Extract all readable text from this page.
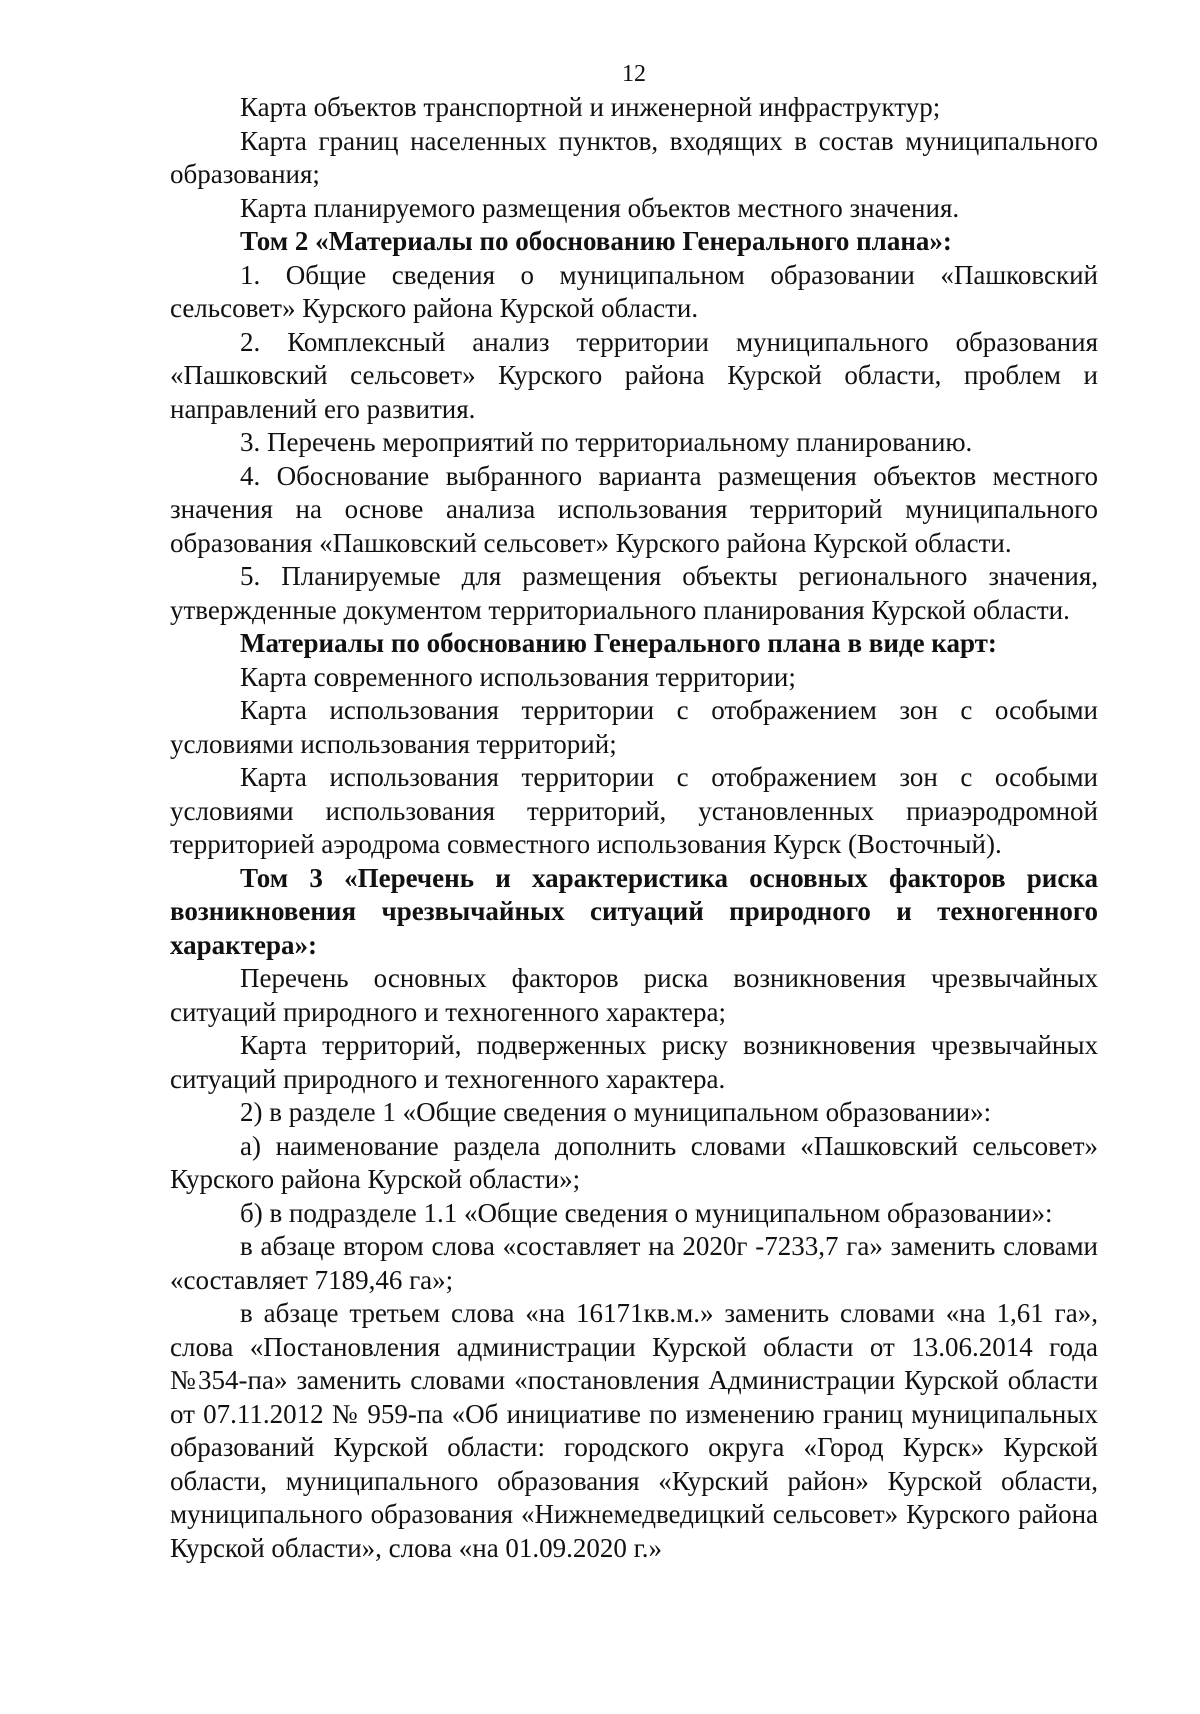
12

Карта объектов транспортной и инженерной инфраструктур;

Карта границ населенных пунктов, входящих в состав муниципального образования;

Карта планируемого размещения объектов местного значения.

Том 2 «Материалы по обоснованию Генерального плана»:

1. Общие сведения о муниципальном образовании «Пашковский сельсовет» Курского района Курской области.

2. Комплексный анализ территории муниципального образования «Пашковский сельсовет» Курского района Курской области, проблем и направлений его развития.

3. Перечень мероприятий по территориальному планированию.

4. Обоснование выбранного варианта размещения объектов местного значения на основе анализа использования территорий муниципального образования «Пашковский сельсовет» Курского района Курской области.

5. Планируемые для размещения объекты регионального значения, утвержденные документом территориального планирования Курской области.

Материалы по обоснованию Генерального плана в виде карт:

Карта современного использования территории;

Карта использования территории с отображением зон с особыми условиями использования территорий;

Карта использования территории с отображением зон с особыми условиями использования территорий, установленных приаэродромной территорией аэродрома совместного использования Курск (Восточный).

Том 3 «Перечень и характеристика основных факторов риска возникновения чрезвычайных ситуаций природного и техногенного характера»:

Перечень основных факторов риска возникновения чрезвычайных ситуаций природного и техногенного характера;

Карта территорий, подверженных риску возникновения чрезвычайных ситуаций природного и техногенного характера.

2) в разделе 1 «Общие сведения о муниципальном образовании»:

а) наименование раздела дополнить словами «Пашковский сельсовет» Курского района Курской области»;

б) в подразделе 1.1 «Общие сведения о муниципальном образовании»:

в абзаце втором слова «составляет на 2020г -7233,7 га» заменить словами «составляет 7189,46 га»;

в абзаце третьем слова «на 16171кв.м.» заменить словами «на 1,61 га», слова «Постановления администрации Курской области от 13.06.2014 года №354-па» заменить словами «постановления Администрации Курской области от 07.11.2012 № 959-па «Об инициативе по изменению границ муниципальных образований Курской области: городского округа «Город Курск» Курской области, муниципального образования «Курский район» Курской области, муниципального образования «Нижнемедведицкий сельсовет» Курского района Курской области», слова «на 01.09.2020 г.»
